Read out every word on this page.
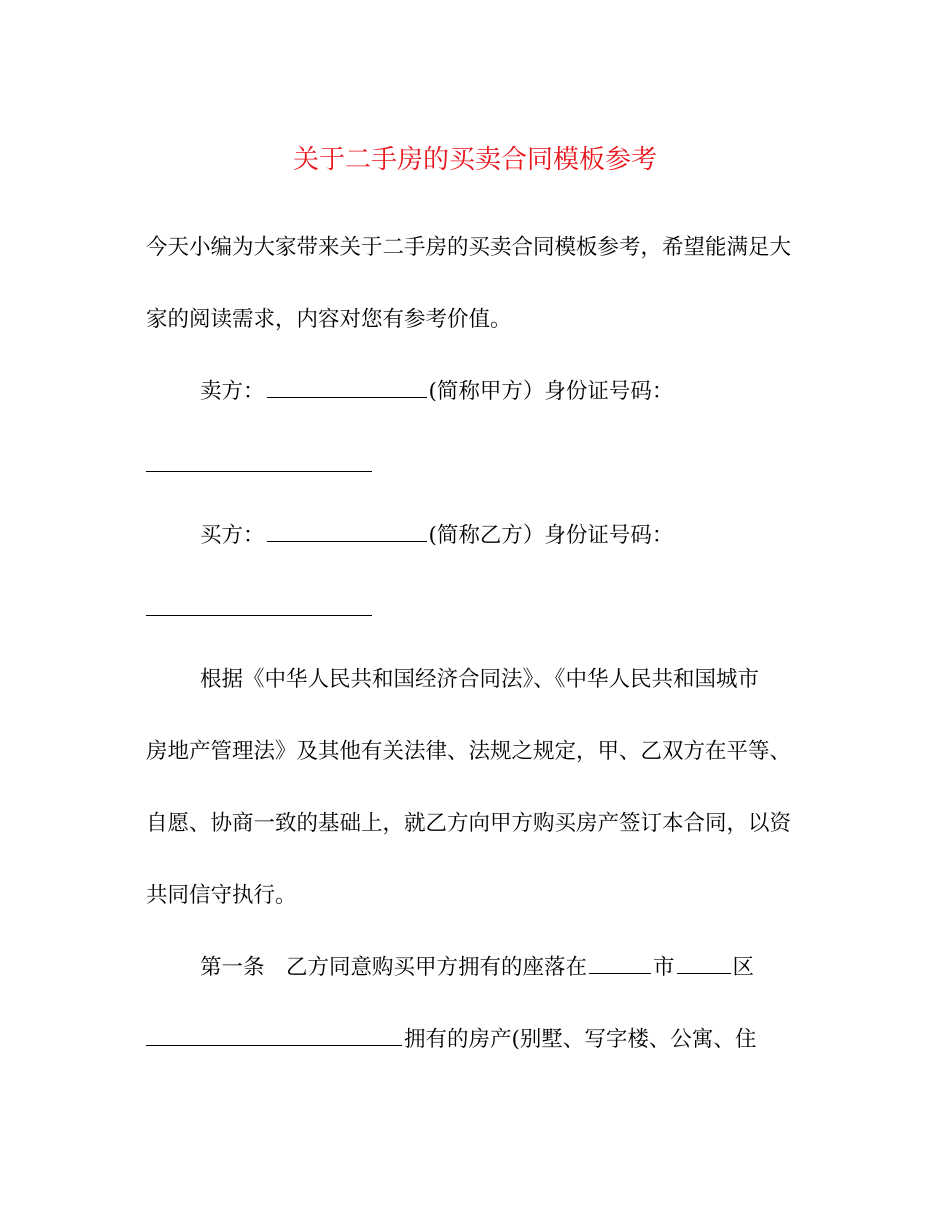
关于二手房的买卖合同模板参考
今天小编为大家带来关于二手房的买卖合同模板参考，希望能满足大
家的阅读需求，内容对您有参考价值。
卖方：	(简称甲方）身份证号码：
买方：	(简称乙方）身份证号码：
根据《中华人民共和国经济合同法》、《中华人民共和国城市
房地产管理法》及其他有关法律、法规之规定，甲、乙双方在平等、
自愿、协商一致的基础上，就乙方向甲方购买房产签订本合同，以资
共同信守执行。
第一条　乙方同意购买甲方拥有的座落在	市	区
拥有的房产(别墅、写字楼、公寓、住
